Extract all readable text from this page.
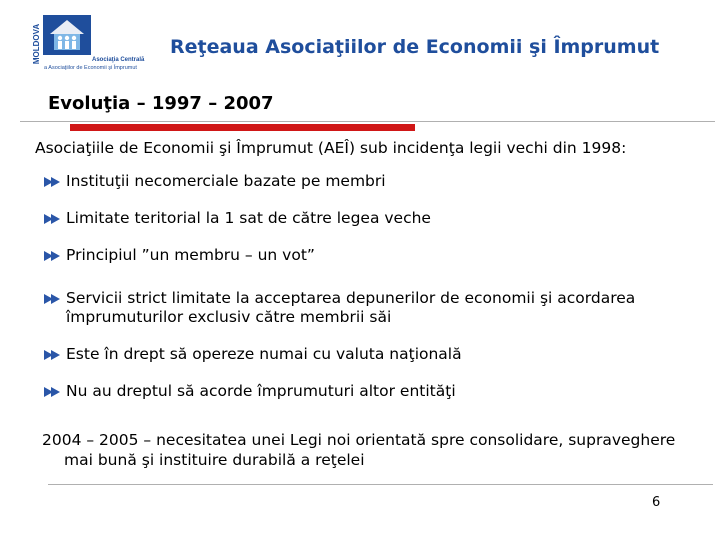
MOLDOVA	Asociaţia Centrală
a Asociaţiilor de Economii şi Împrumut
Reţeaua Asociaţiilor de Economii şi Împrumut
Evoluţia – 1997 – 2007
Asociaţiile de Economii şi Împrumut (AEÎ) sub incidenţa legii vechi din 1998:
Instituţii necomerciale bazate pe membri
Limitate teritorial la 1 sat de către legea veche
Principiul ”un membru – un vot”
Servicii strict limitate la acceptarea depunerilor de economii şi acordarea
împrumuturilor exclusiv către membrii săi
Este în drept să opereze numai cu valuta naţională
Nu au dreptul să acorde împrumuturi altor entităţi
2004 – 2005 – necesitatea unei Legi noi orientată spre consolidare, supraveghere
mai bună şi instituire durabilă a reţelei
6
